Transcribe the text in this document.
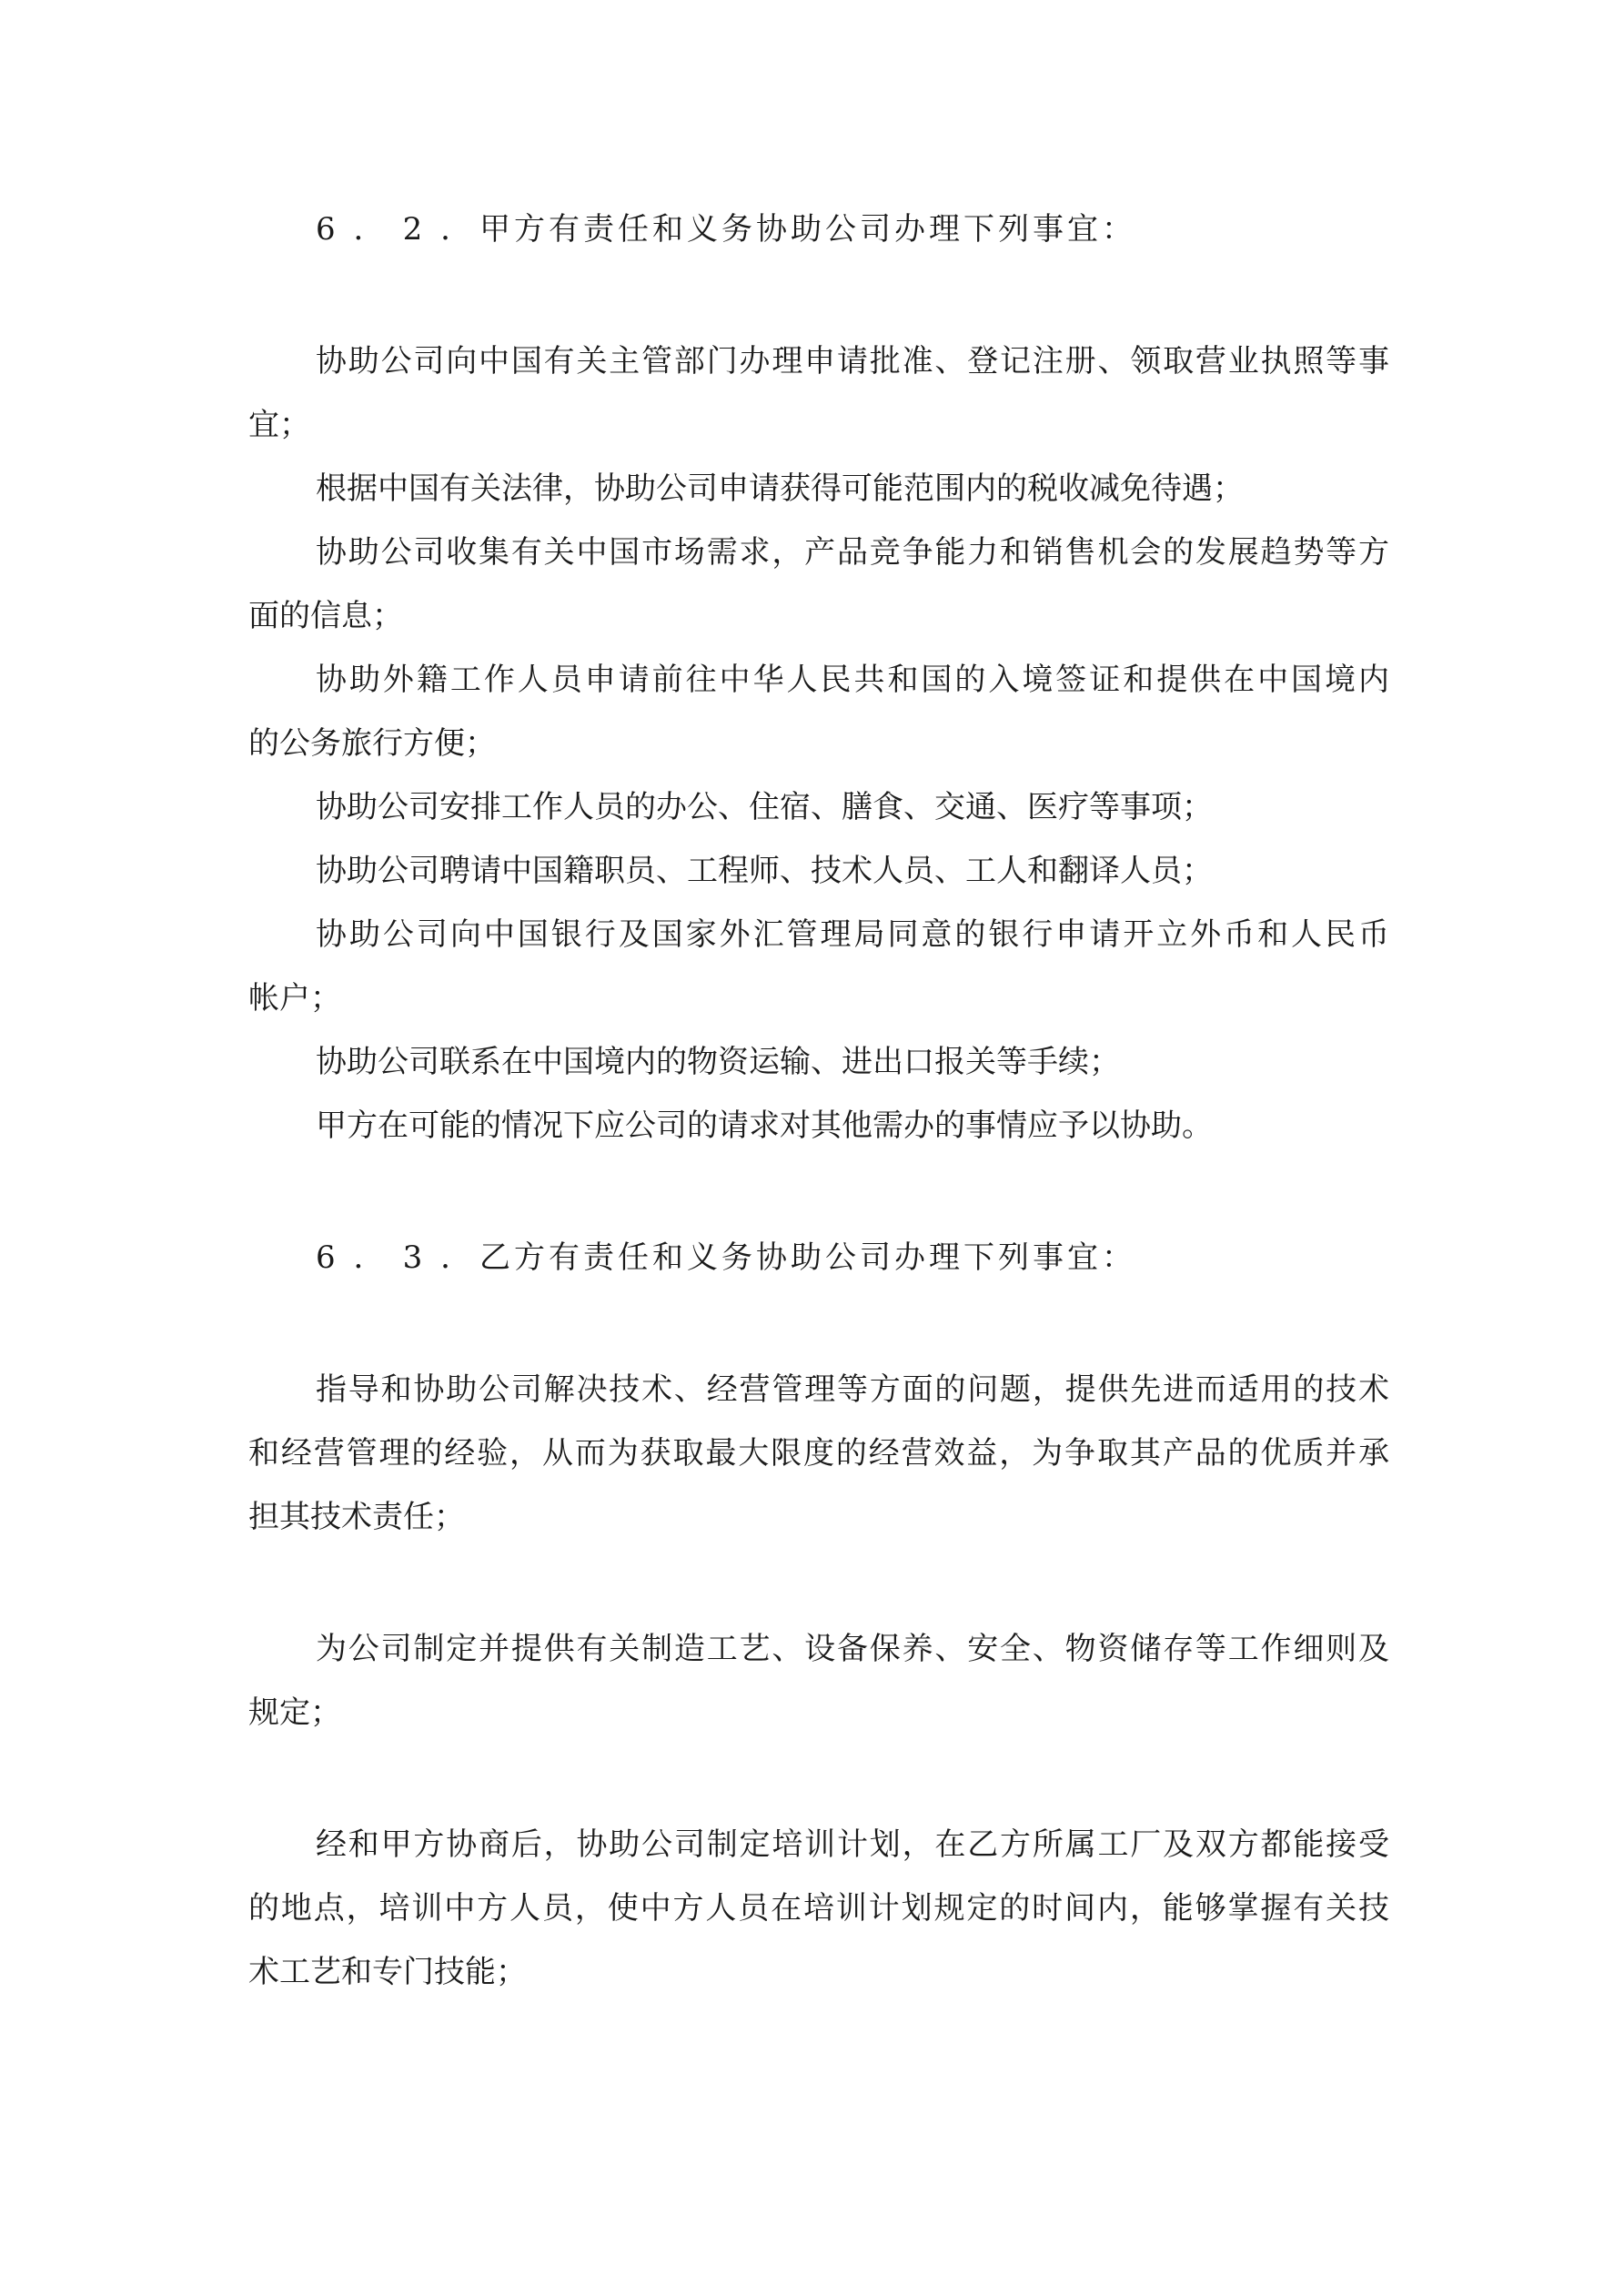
6．2．甲方有责任和义务协助公司办理下列事宜：

协助公司向中国有关主管部门办理申请批准、登记注册、领取营业执照等事

宜；

根据中国有关法律，协助公司申请获得可能范围内的税收减免待遇；

协助公司收集有关中国市场需求，产品竞争能力和销售机会的发展趋势等方

面的信息；

协助外籍工作人员申请前往中华人民共和国的入境签证和提供在中国境内

的公务旅行方便；

协助公司安排工作人员的办公、住宿、膳食、交通、医疗等事项；

协助公司聘请中国籍职员、工程师、技术人员、工人和翻译人员；

协助公司向中国银行及国家外汇管理局同意的银行申请开立外币和人民币

帐户；

协助公司联系在中国境内的物资运输、进出口报关等手续；

甲方在可能的情况下应公司的请求对其他需办的事情应予以协助。

6．3．乙方有责任和义务协助公司办理下列事宜：

指导和协助公司解决技术、经营管理等方面的问题，提供先进而适用的技术

和经营管理的经验，从而为获取最大限度的经营效益，为争取其产品的优质并承

担其技术责任；

为公司制定并提供有关制造工艺、设备保养、安全、物资储存等工作细则及

规定；

经和甲方协商后，协助公司制定培训计划，在乙方所属工厂及双方都能接受

的地点，培训中方人员，使中方人员在培训计划规定的时间内，能够掌握有关技

术工艺和专门技能；
